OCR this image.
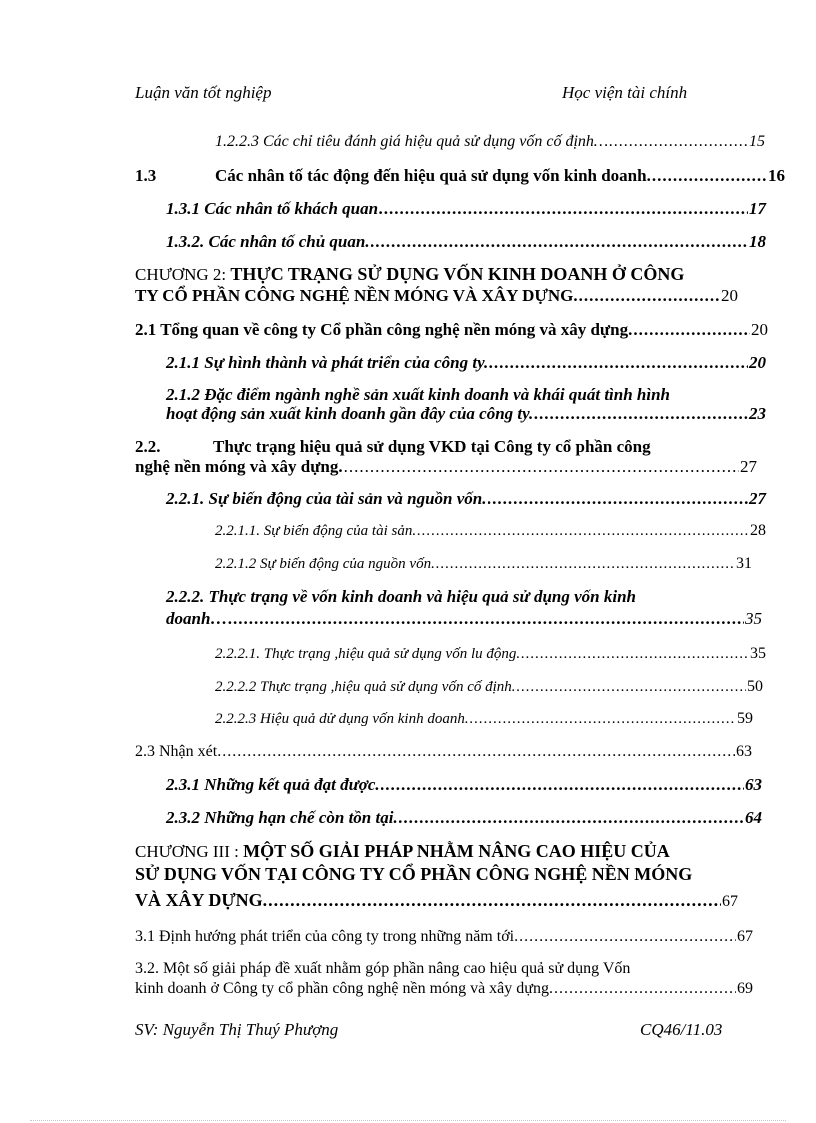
Luận văn tốt nghiệp	Học viện tài chính
1.2.2.3 Các chỉ tiêu đánh giá hiệu quả sử dụng vốn cố định… .....	15
1.3	Các nhân tố tác động đến hiệu quả sử dụng vốn kinh doanh. .....	16
1.3.1 Các nhân tố khách quan .....	17
1.3.2. Các nhân tố chủ quan. .....	18
CHƯƠNG 2: THỰC TRẠNG SỬ DỤNG VỐN KINH DOANH Ở CÔNG
TY CỔ PHẦN CÔNG NGHỆ NỀN MÓNG VÀ XÂY DỰNG. .....	20
2.1 Tổng quan về công ty Cổ phần công nghệ nền móng và xây dựng. .....	20
2.1.1 Sự hình thành và phát triển của công ty. .....	20
2.1.2 Đặc điểm ngành nghề sản xuất kinh doanh và khái quát tình hình
hoạt động sản xuất kinh doanh gần đây của công ty. .....	23
2.2.	Thực trạng hiệu quả sử dụng VKD tại Công ty cổ phần công
nghệ nền móng và xây dựng. .....	27
2.2.1. Sự biến động của tài sản và nguồn vốn. .....	27
2.2.1.1. Sự biến động của tài sản. .....	28
2.2.1.2 Sự biến động của nguồn vốn. .....	31
2.2.2. Thực trạng về vốn kinh doanh và hiệu quả sử dụng vốn kinh
doanh… .....	35
2.2.2.1. Thực trạng ,hiệu quả sử dụng vốn lu động. .....	35
2.2.2.2 Thực trạng ,hiệu quả sử dụng vốn cố định. .....	50
2.2.2.3 Hiệu quả dử dụng vốn kinh doanh. .....	59
2.3 Nhận xét. .....	63
2.3.1 Những kết quả đạt được. .....	63
2.3.2 Những hạn chế còn tồn tại. .....	64
CHƯƠNG III : MỘT SỐ GIẢI PHÁP NHẰM NÂNG CAO HIỆU CỦA
SỬ DỤNG VỐN TẠI CÔNG TY CỔ PHẦN CÔNG NGHỆ NỀN MÓNG
VÀ XÂY DỰNG. .....	67
3.1 Định hướng phát triển của công ty trong những năm tới. .....	67
3.2. Một số giải pháp đề xuất nhằm góp phần nâng cao hiệu quả sử dụng Vốn
kinh doanh ở Công ty cổ phần công nghệ nền móng và xây dựng. .....	69
SV: Nguyễn Thị Thuý Phượng	CQ46/11.03
